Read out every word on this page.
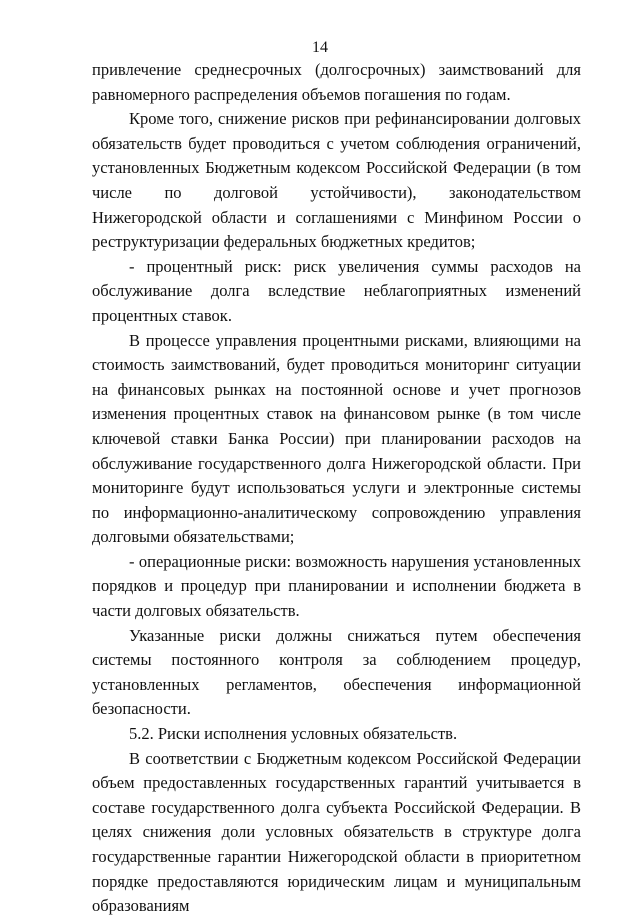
14

привлечение среднесрочных (долгосрочных) заимствований для равномерного распределения объемов погашения по годам.

Кроме того, снижение рисков при рефинансировании долговых обязательств будет проводиться с учетом соблюдения ограничений, установленных Бюджетным кодексом Российской Федерации (в том числе по долговой устойчивости), законодательством Нижегородской области и соглашениями с Минфином России о реструктуризации федеральных бюджетных кредитов;

- процентный риск: риск увеличения суммы расходов на обслуживание долга вследствие неблагоприятных изменений процентных ставок.

В процессе управления процентными рисками, влияющими на стоимость заимствований, будет проводиться мониторинг ситуации на финансовых рынках на постоянной основе и учет прогнозов изменения процентных ставок на финансовом рынке (в том числе ключевой ставки Банка России) при планировании расходов на обслуживание государственного долга Нижегородской области. При мониторинге будут использоваться услуги и электронные системы по информационно-аналитическому сопровождению управления долговыми обязательствами;

- операционные риски: возможность нарушения установленных порядков и процедур при планировании и исполнении бюджета в части долговых обязательств.

Указанные риски должны снижаться путем обеспечения системы постоянного контроля за соблюдением процедур, установленных регламентов, обеспечения информационной безопасности.

5.2. Риски исполнения условных обязательств.

В соответствии с Бюджетным кодексом Российской Федерации объем предоставленных государственных гарантий учитывается в составе государственного долга субъекта Российской Федерации. В целях снижения доли условных обязательств в структуре долга государственные гарантии Нижегородской области в приоритетном порядке предоставляются юридическим лицам и муниципальным образованиям
